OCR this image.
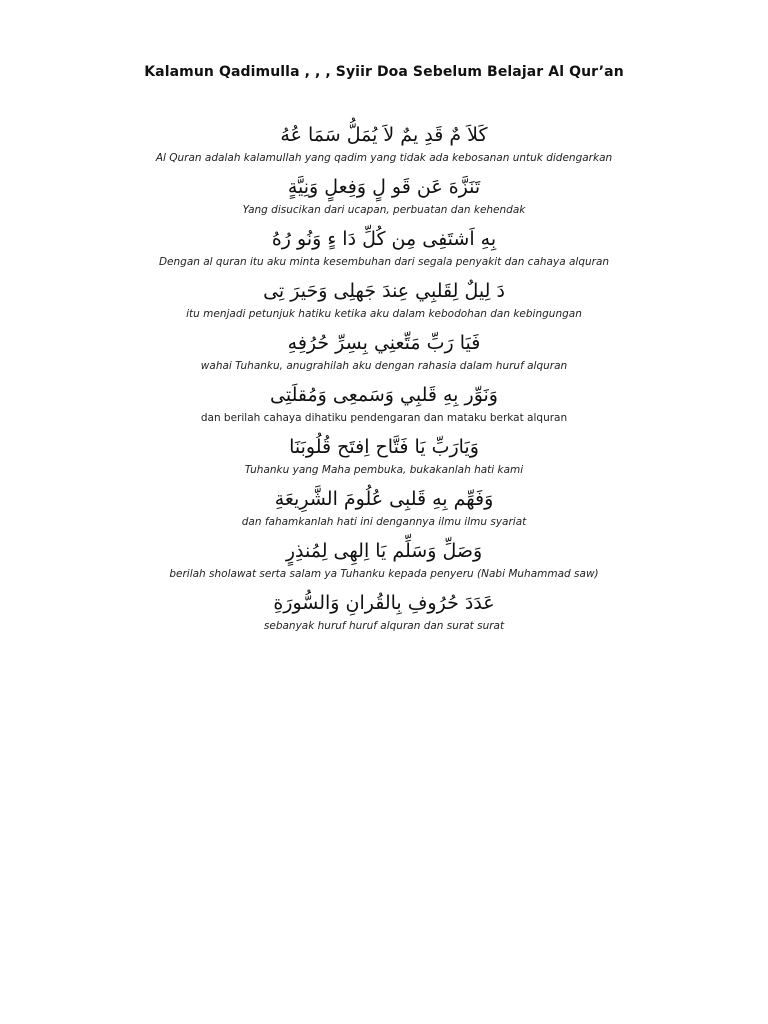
Kalamun Qadimulla , , , Syiir Doa Sebelum Belajar Al Qur’an
كَلاَ مٌ قَدِ يمٌ لاَ يُمَلُّ سَمَا عُهُ
Al Quran adalah kalamullah yang qadim yang tidak ada kebosanan untuk didengarkan
تَنَزَّهَ عَن قَو لٍ وَفِعلٍ وَنِيَّةٍ
Yang disucikan dari ucapan, perbuatan dan kehendak
بِهِ اَشتَفِى مِن كُلِّ دَا ءٍ وَنُو رُهُ
Dengan al quran itu aku minta kesembuhan dari segala penyakit dan cahaya alquran
دَ لِيلٌ لِقَلبِي عِندَ جَهلِى وَحَيرَ تِى
itu menjadi petunjuk hatiku ketika aku dalam kebodohan dan kebingungan
فَيَا رَبِّ مَتِّعنِي بِسِرِّ حُرُفِهِ
wahai Tuhanku, anugrahilah aku dengan rahasia dalam huruf alquran
وَنَوِّر بِهِ قَلبِي وَسَمعِى وَمُقلَتِى
dan berilah cahaya dihatiku pendengaran dan mataku berkat alquran
وَيَارَبِّ يَا فَتَّاح اِفتَح قُلُوبَنَا
Tuhanku yang Maha pembuka, bukakanlah hati kami
وَفَهِّم بِهِ قَلبِى عُلُومَ الشَّرِيعَةِ
dan fahamkanlah hati ini dengannya ilmu ilmu syariat
وَصَلِّ وَسَلِّم يَا اِلهِى لِمُنذِرٍ
berilah sholawat serta salam ya Tuhanku kepada penyeru (Nabi Muhammad saw)
عَدَدَ حُرُوفِ بِالقُرانِ وَالسُّورَةِ
sebanyak huruf huruf alquran dan surat surat
